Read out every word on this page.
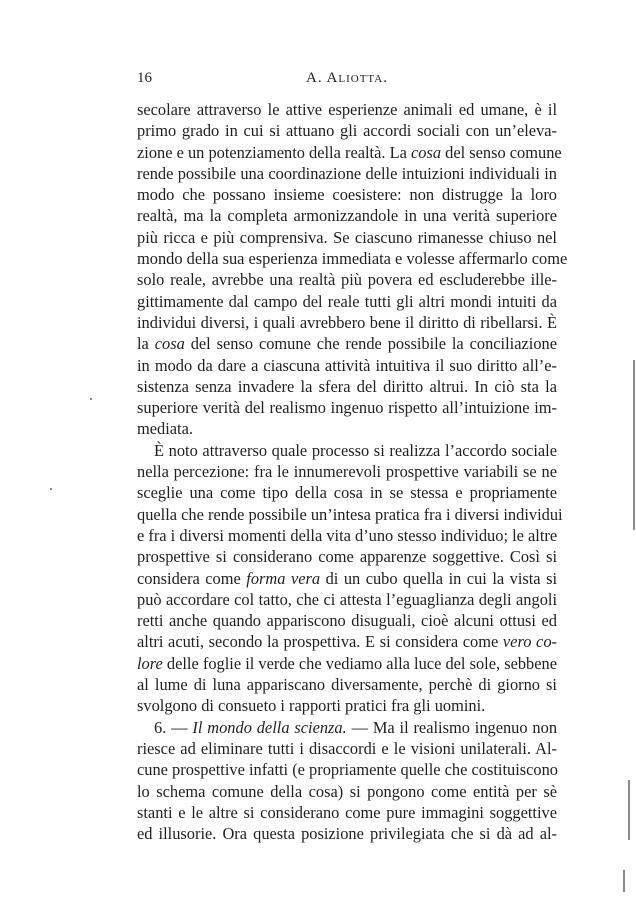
16	A. Aliotta.
secolare attraverso le attive esperienze animali ed umane, è il
primo grado in cui si attuano gli accordi sociali con un’eleva-
zione e un potenziamento della realtà. La cosa del senso comune
rende possibile una coordinazione delle intuizioni individuali in
modo che possano insieme coesistere: non distrugge la loro
realtà, ma la completa armonizzandole in una verità superiore
più ricca e più comprensiva. Se ciascuno rimanesse chiuso nel
mondo della sua esperienza immediata e volesse affermarlo come
solo reale, avrebbe una realtà più povera ed escluderebbe ille-
gittimamente dal campo del reale tutti gli altri mondi intuiti da
individui diversi, i quali avrebbero bene il diritto di ribellarsi. È
la cosa del senso comune che rende possibile la conciliazione
in modo da dare a ciascuna attività intuitiva il suo diritto all’e-
sistenza senza invadere la sfera del diritto altrui. In ciò sta la
superiore verità del realismo ingenuo rispetto all’intuizione im-
mediata.
È noto attraverso quale processo si realizza l’accordo sociale
nella percezione: fra le innumerevoli prospettive variabili se ne
sceglie una come tipo della cosa in se stessa e propriamente
quella che rende possibile un’intesa pratica fra i diversi individui
e fra i diversi momenti della vita d’uno stesso individuo; le altre
prospettive si considerano come apparenze soggettive. Così si
considera come forma vera di un cubo quella in cui la vista si
può accordare col tatto, che ci attesta l’eguaglianza degli angoli
retti anche quando appariscono disuguali, cioè alcuni ottusi ed
altri acuti, secondo la prospettiva. E si considera come vero co-
lore delle foglie il verde che vediamo alla luce del sole, sebbene
al lume di luna appariscano diversamente, perchè di giorno si
svolgono di consueto i rapporti pratici fra gli uomini.
6. — Il mondo della scienza. — Ma il realismo ingenuo non
riesce ad eliminare tutti i disaccordi e le visioni unilaterali. Al-
cune prospettive infatti (e propriamente quelle che costituiscono
lo schema comune della cosa) si pongono come entità per sè
stanti e le altre si considerano come pure immagini soggettive
ed illusorie. Ora questa posizione privilegiata che si dà ad al-
